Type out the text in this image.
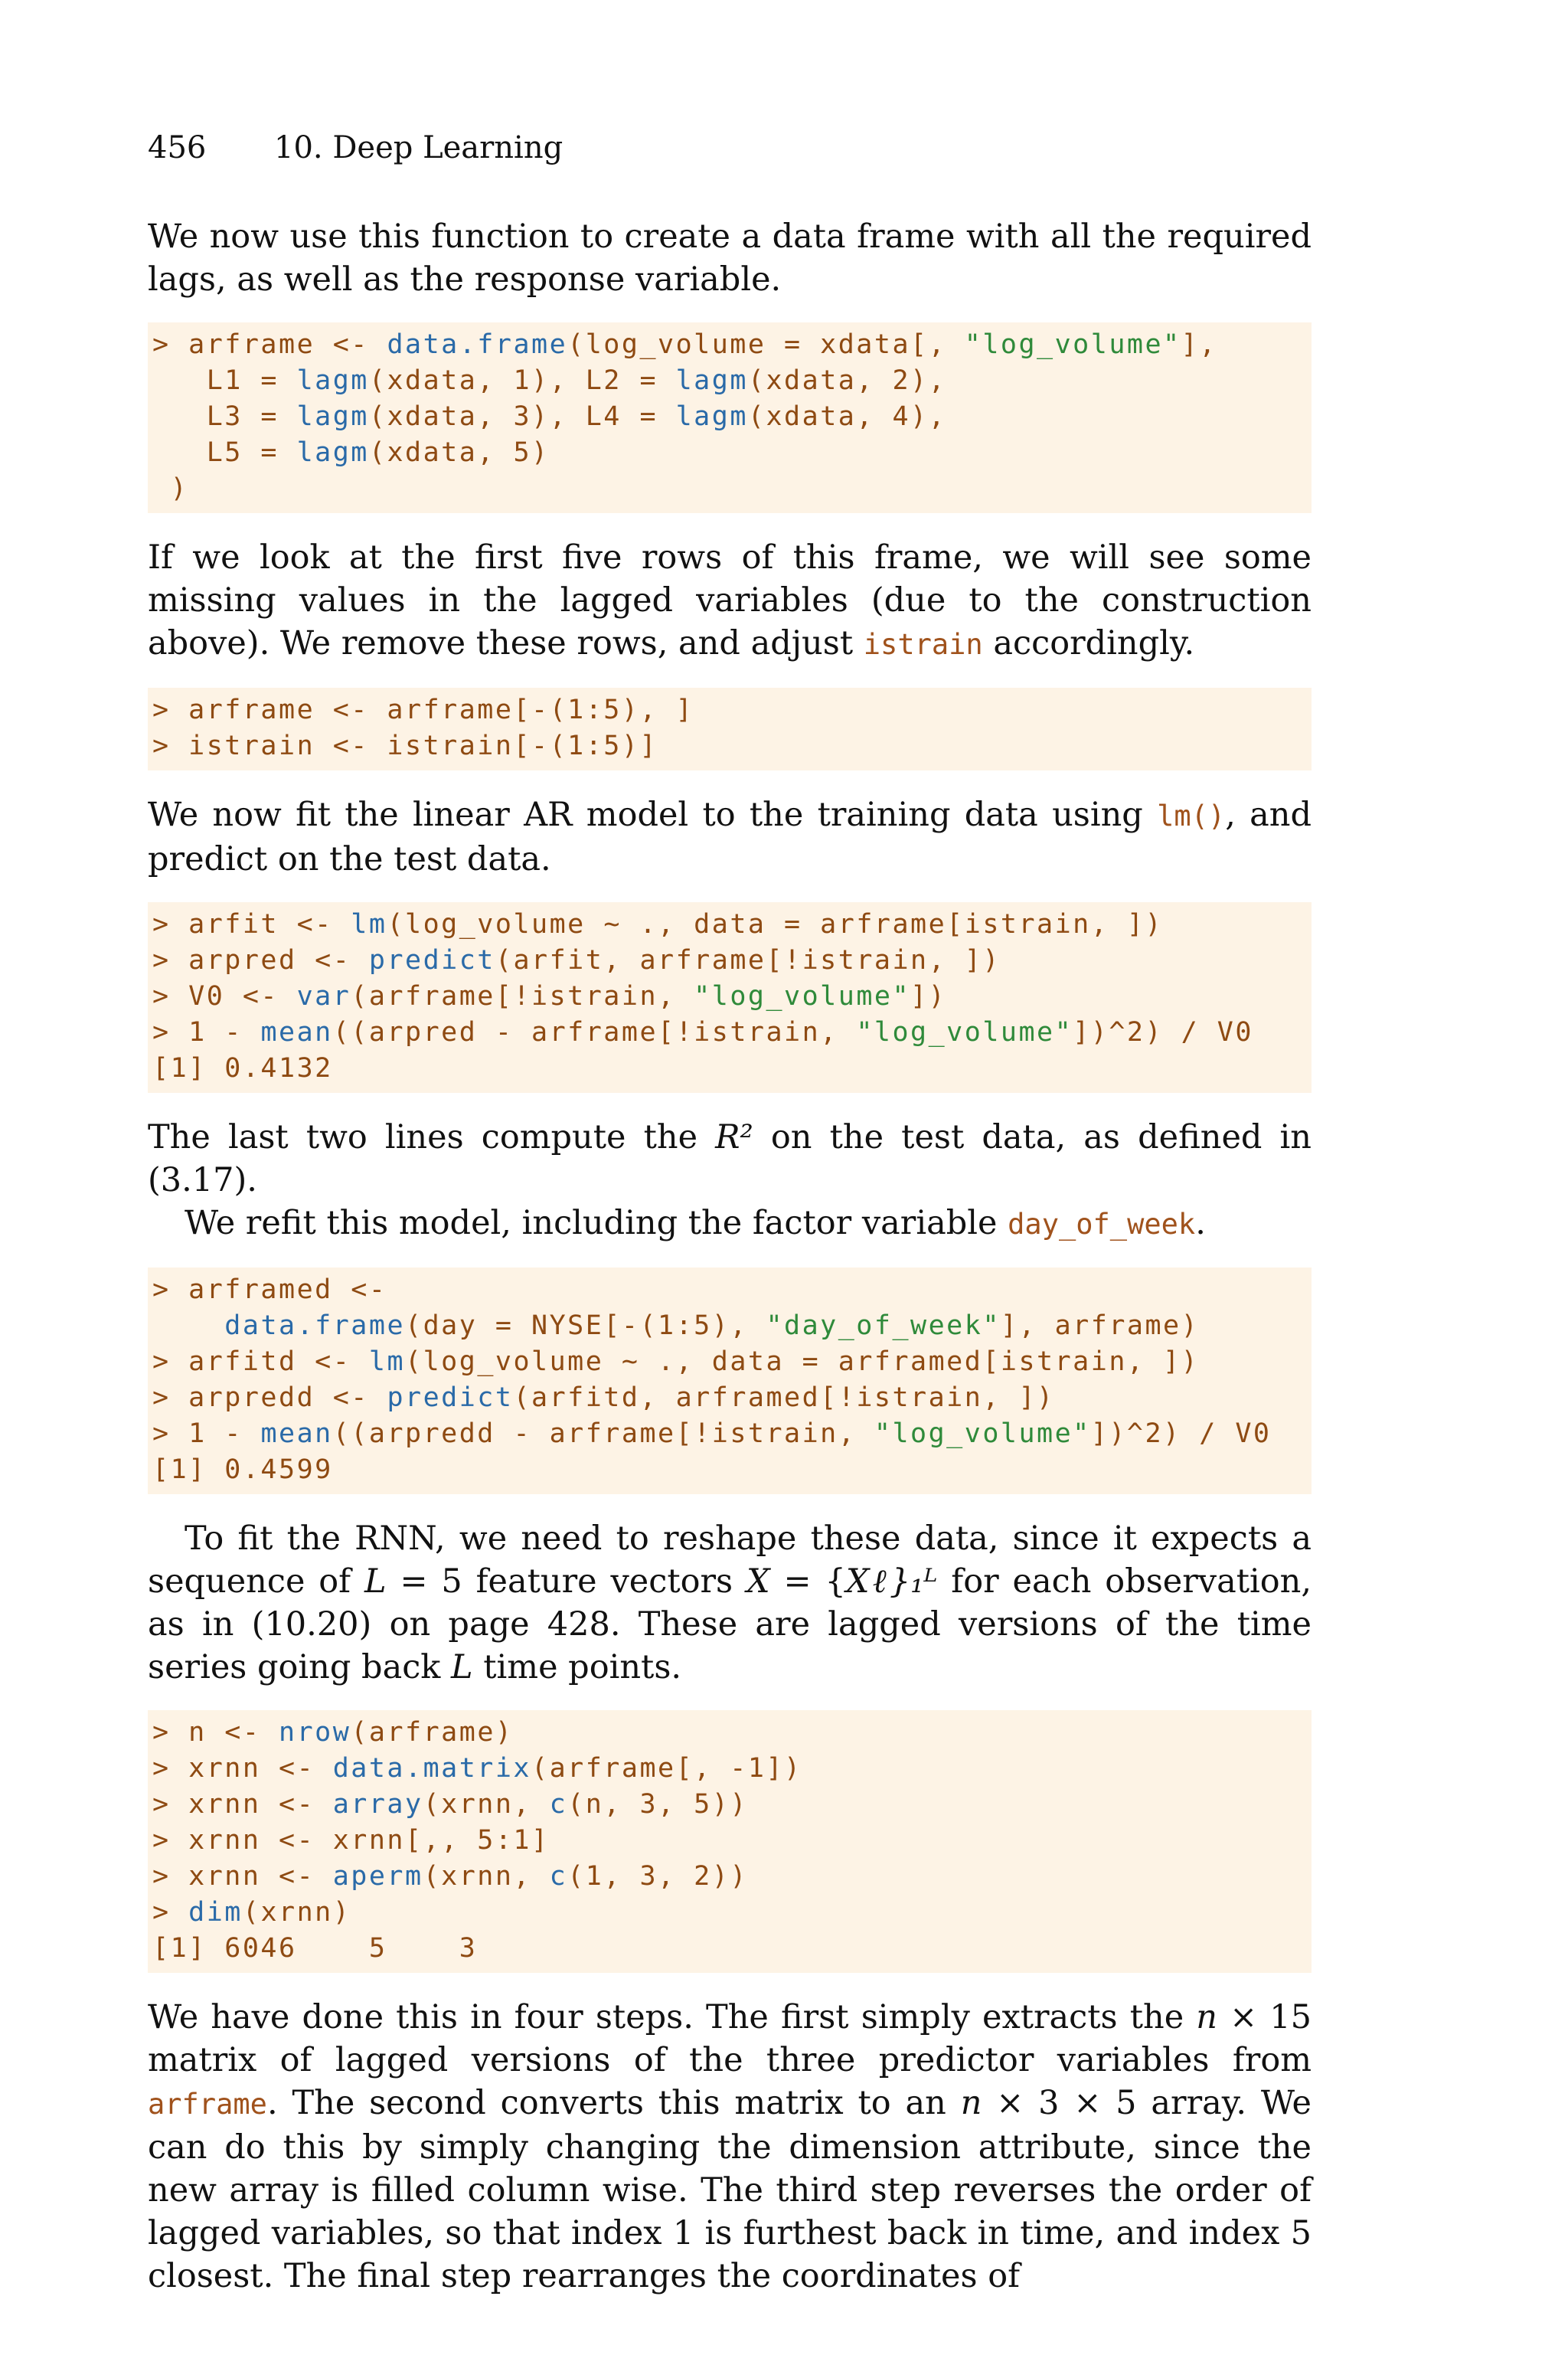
456 10. Deep Learning

We now use this function to create a data frame with all the required lags, as well as the response variable.

> arframe <- data.frame(log_volume = xdata[, "log_volume"],
L1 = lagm(xdata, 1), L2 = lagm(xdata, 2),
L3 = lagm(xdata, 3), L4 = lagm(xdata, 4),
L5 = lagm(xdata, 5)
)

If we look at the first five rows of this frame, we will see some missing values in the lagged variables (due to the construction above). We remove these rows, and adjust istrain accordingly.

> arframe <- arframe[-(1:5), ]
> istrain <- istrain[-(1:5)]

We now fit the linear AR model to the training data using lm(), and predict on the test data.

> arfit <- lm(log_volume ~ ., data = arframe[istrain, ])
> arpred <- predict(arfit, arframe[!istrain, ])
> V0 <- var(arframe[!istrain, "log_volume"])
> 1 - mean((arpred - arframe[!istrain, "log_volume"])^2) / V0
[1] 0.4132

The last two lines compute the R² on the test data, as defined in (3.17).

We refit this model, including the factor variable day_of_week.

> arframed <-
data.frame(day = NYSE[-(1:5), "day_of_week"], arframe)
> arfitd <- lm(log_volume ~ ., data = arframed[istrain, ])
> arpredd <- predict(arfitd, arframed[!istrain, ])
> 1 - mean((arpredd - arframe[!istrain, "log_volume"])^2) / V0
[1] 0.4599

To fit the RNN, we need to reshape these data, since it expects a sequence of L = 5 feature vectors X = {Xℓ}₁ᴸ for each observation, as in (10.20) on page 428. These are lagged versions of the time series going back L time points.

> n <- nrow(arframe)
> xrnn <- data.matrix(arframe[, -1])
> xrnn <- array(xrnn, c(n, 3, 5))
> xrnn <- xrnn[,, 5:1]
> xrnn <- aperm(xrnn, c(1, 3, 2))
> dim(xrnn)
[1] 6046    5    3

We have done this in four steps. The first simply extracts the n × 15 matrix of lagged versions of the three predictor variables from arframe. The second converts this matrix to an n × 3 × 5 array. We can do this by simply changing the dimension attribute, since the new array is filled column wise. The third step reverses the order of lagged variables, so that index 1 is furthest back in time, and index 5 closest. The final step rearranges the coordinates of
